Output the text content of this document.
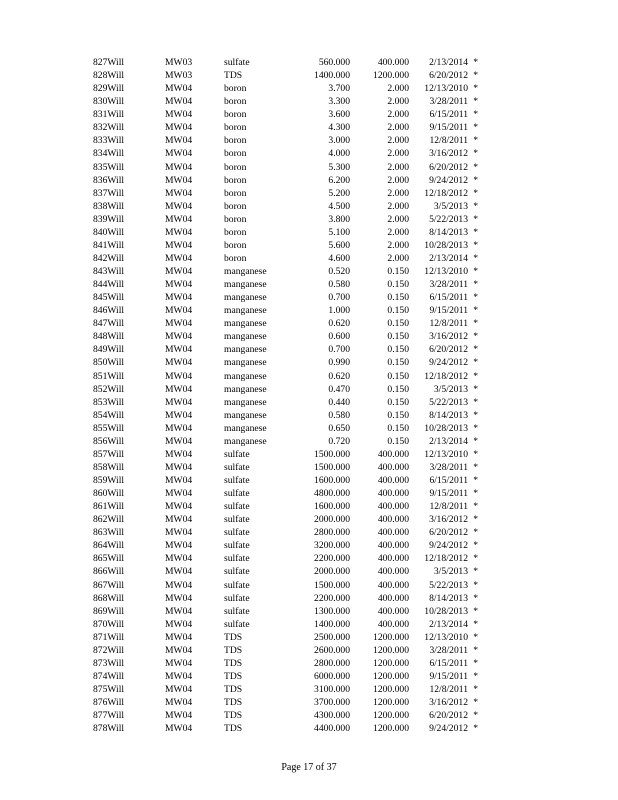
827Will	MW03	sulfate	560.000	400.000	2/13/2014	*
828Will	MW03	TDS	1400.000	1200.000	6/20/2012	*
829Will	MW04	boron	3.700	2.000	12/13/2010	*
830Will	MW04	boron	3.300	2.000	3/28/2011	*
831Will	MW04	boron	3.600	2.000	6/15/2011	*
832Will	MW04	boron	4.300	2.000	9/15/2011	*
833Will	MW04	boron	3.000	2.000	12/8/2011	*
834Will	MW04	boron	4.000	2.000	3/16/2012	*
835Will	MW04	boron	5.300	2.000	6/20/2012	*
836Will	MW04	boron	6.200	2.000	9/24/2012	*
837Will	MW04	boron	5.200	2.000	12/18/2012	*
838Will	MW04	boron	4.500	2.000	3/5/2013	*
839Will	MW04	boron	3.800	2.000	5/22/2013	*
840Will	MW04	boron	5.100	2.000	8/14/2013	*
841Will	MW04	boron	5.600	2.000	10/28/2013	*
842Will	MW04	boron	4.600	2.000	2/13/2014	*
843Will	MW04	manganese	0.520	0.150	12/13/2010	*
844Will	MW04	manganese	0.580	0.150	3/28/2011	*
845Will	MW04	manganese	0.700	0.150	6/15/2011	*
846Will	MW04	manganese	1.000	0.150	9/15/2011	*
847Will	MW04	manganese	0.620	0.150	12/8/2011	*
848Will	MW04	manganese	0.600	0.150	3/16/2012	*
849Will	MW04	manganese	0.700	0.150	6/20/2012	*
850Will	MW04	manganese	0.990	0.150	9/24/2012	*
851Will	MW04	manganese	0.620	0.150	12/18/2012	*
852Will	MW04	manganese	0.470	0.150	3/5/2013	*
853Will	MW04	manganese	0.440	0.150	5/22/2013	*
854Will	MW04	manganese	0.580	0.150	8/14/2013	*
855Will	MW04	manganese	0.650	0.150	10/28/2013	*
856Will	MW04	manganese	0.720	0.150	2/13/2014	*
857Will	MW04	sulfate	1500.000	400.000	12/13/2010	*
858Will	MW04	sulfate	1500.000	400.000	3/28/2011	*
859Will	MW04	sulfate	1600.000	400.000	6/15/2011	*
860Will	MW04	sulfate	4800.000	400.000	9/15/2011	*
861Will	MW04	sulfate	1600.000	400.000	12/8/2011	*
862Will	MW04	sulfate	2000.000	400.000	3/16/2012	*
863Will	MW04	sulfate	2800.000	400.000	6/20/2012	*
864Will	MW04	sulfate	3200.000	400.000	9/24/2012	*
865Will	MW04	sulfate	2200.000	400.000	12/18/2012	*
866Will	MW04	sulfate	2000.000	400.000	3/5/2013	*
867Will	MW04	sulfate	1500.000	400.000	5/22/2013	*
868Will	MW04	sulfate	2200.000	400.000	8/14/2013	*
869Will	MW04	sulfate	1300.000	400.000	10/28/2013	*
870Will	MW04	sulfate	1400.000	400.000	2/13/2014	*
871Will	MW04	TDS	2500.000	1200.000	12/13/2010	*
872Will	MW04	TDS	2600.000	1200.000	3/28/2011	*
873Will	MW04	TDS	2800.000	1200.000	6/15/2011	*
874Will	MW04	TDS	6000.000	1200.000	9/15/2011	*
875Will	MW04	TDS	3100.000	1200.000	12/8/2011	*
876Will	MW04	TDS	3700.000	1200.000	3/16/2012	*
877Will	MW04	TDS	4300.000	1200.000	6/20/2012	*
878Will	MW04	TDS	4400.000	1200.000	9/24/2012	*
Page 17 of 37
